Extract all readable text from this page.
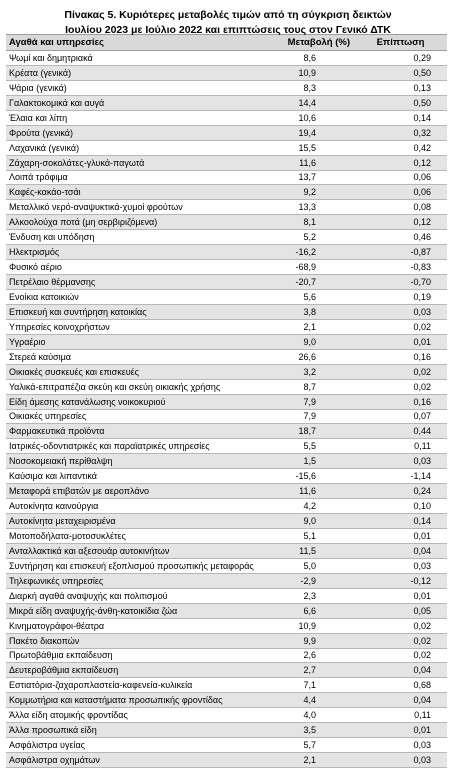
Πίνακας 5. Κυριότερες μεταβολές τιμών από τη σύγκριση δεικτών
Ιουλίου 2023 με Ιούλιο 2022 και επιπτώσεις τους στον Γενικό ΔΤΚ
Αγαθά και υπηρεσίες	Μεταβολή (%)	Επίπτωση
Ψωμί και δημητριακά	8,6	0,29
Κρέατα (γενικά)	10,9	0,50
Ψάρια (γενικά)	8,3	0,13
Γαλακτοκομικά και αυγά	14,4	0,50
Έλαια και λίπη	10,6	0,14
Φρούτα (γενικά)	19,4	0,32
Λαχανικά (γενικά)	15,5	0,42
Ζάχαρη-σοκολάτες-γλυκά-παγωτά	11,6	0,12
Λοιπά τρόφιμα	13,7	0,06
Καφές-κακάο-τσάι	9,2	0,06
Μεταλλικό νερό-αναψυκτικά-χυμοί φρούτων	13,3	0,08
Αλκοολούχα ποτά (μη σερβιριζόμενα)	8,1	0,12
Ένδυση και υπόδηση	5,2	0,46
Ηλεκτρισμός	-16,2	-0,87
Φυσικό αέριο	-68,9	-0,83
Πετρέλαιο θέρμανσης	-20,7	-0,70
Ενοίκια κατοικιών	5,6	0,19
Επισκευή και συντήρηση κατοικίας	3,8	0,03
Υπηρεσίες κοινοχρήστων	2,1	0,02
Υγραέριο	9,0	0,01
Στερεά καύσιμα	26,6	0,16
Οικιακές συσκευές και επισκευές	3,2	0,02
Υαλικά-επιτραπέζια σκεύη και σκεύη οικιακής χρήσης	8,7	0,02
Είδη άμεσης κατανάλωσης νοικοκυριού	7,9	0,16
Οικιακές υπηρεσίες	7,9	0,07
Φαρμακευτικά προϊόντα	18,7	0,44
Ιατρικές-οδοντιατρικές και παραϊατρικές υπηρεσίες	5,5	0,11
Νοσοκομειακή περίθαλψη	1,5	0,03
Καύσιμα και λιπαντικά	-15,6	-1,14
Μεταφορά επιβατών με αεροπλάνο	11,6	0,24
Αυτοκίνητα καινούργια	4,2	0,10
Αυτοκίνητα μεταχειρισμένα	9,0	0,14
Μοτοποδήλατα-μοτοσυκλέτες	5,1	0,01
Ανταλλακτικά και αξεσουάρ αυτοκινήτων	11,5	0,04
Συντήρηση και επισκευή εξοπλισμού προσωπικής μεταφοράς	5,0	0,03
Τηλεφωνικές υπηρεσίες	-2,9	-0,12
Διαρκή αγαθά αναψυχής και πολιτισμού	2,3	0,01
Μικρά είδη αναψυχής-άνθη-κατοικίδια ζώα	6,6	0,05
Κινηματογράφοι-θέατρα	10,9	0,02
Πακέτο διακοπών	9,9	0,02
Πρωτοβάθμια εκπαίδευση	2,6	0,02
Δευτεροβάθμια εκπαίδευση	2,7	0,04
Εστιατόρια-ζαχαροπλαστεία-καφενεία-κυλικεία	7,1	0,68
Κομμωτήρια και καταστήματα προσωπικής φροντίδας	4,4	0,04
Άλλα είδη ατομικής φροντίδας	4,0	0,11
Άλλα προσωπικά είδη	3,5	0,01
Ασφάλιστρα υγείας	5,7	0,03
Ασφάλιστρα οχημάτων	2,1	0,03
